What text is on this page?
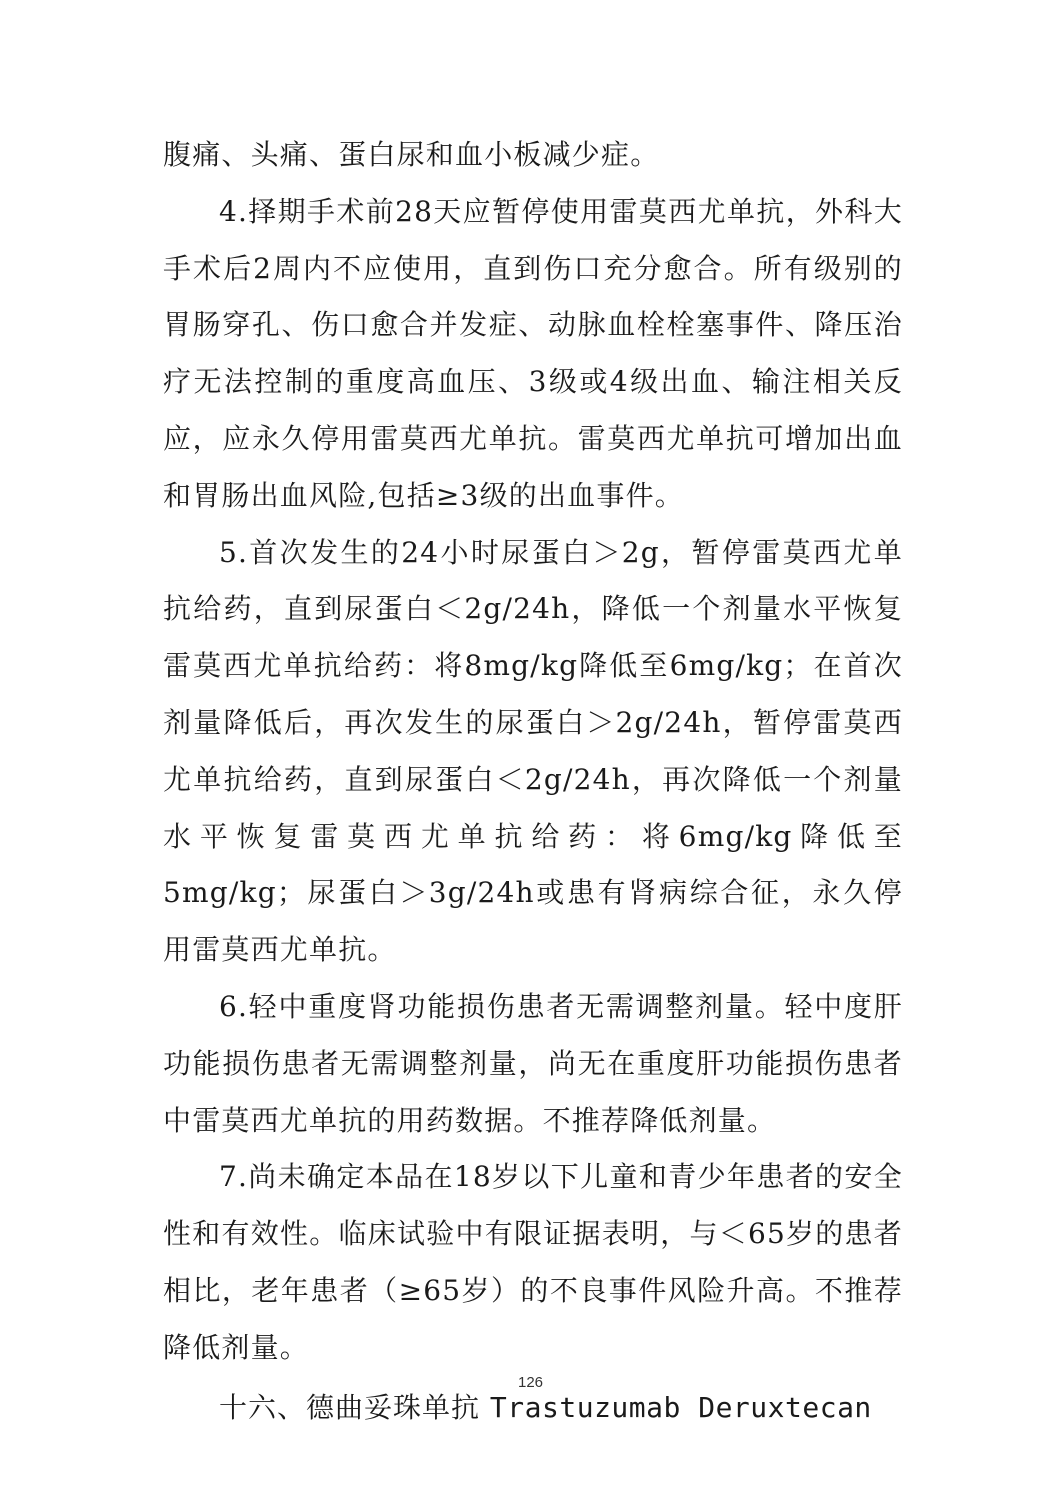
腹痛、头痛、蛋白尿和血小板减少症。

4.择期手术前28天应暂停使用雷莫西尤单抗，外科大手术后2周内不应使用，直到伤口充分愈合。所有级别的胃肠穿孔、伤口愈合并发症、动脉血栓栓塞事件、降压治疗无法控制的重度高血压、3级或4级出血、输注相关反应，应永久停用雷莫西尤单抗。雷莫西尤单抗可增加出血和胃肠出血风险,包括≥3级的出血事件。

5.首次发生的24小时尿蛋白＞2g，暂停雷莫西尤单抗给药，直到尿蛋白＜2g/24h，降低一个剂量水平恢复雷莫西尤单抗给药：将8mg/kg降低至6mg/kg；在首次剂量降低后，再次发生的尿蛋白＞2g/24h，暂停雷莫西尤单抗给药，直到尿蛋白＜2g/24h，再次降低一个剂量水平恢复雷莫西尤单抗给药：将6mg/kg降低至5mg/kg；尿蛋白＞3g/24h或患有肾病综合征，永久停用雷莫西尤单抗。

6.轻中重度肾功能损伤患者无需调整剂量。轻中度肝功能损伤患者无需调整剂量，尚无在重度肝功能损伤患者中雷莫西尤单抗的用药数据。不推荐降低剂量。

7.尚未确定本品在18岁以下儿童和青少年患者的安全性和有效性。临床试验中有限证据表明，与＜65岁的患者相比，老年患者（≥65岁）的不良事件风险升高。不推荐降低剂量。

十六、德曲妥珠单抗 Trastuzumab Deruxtecan

126
